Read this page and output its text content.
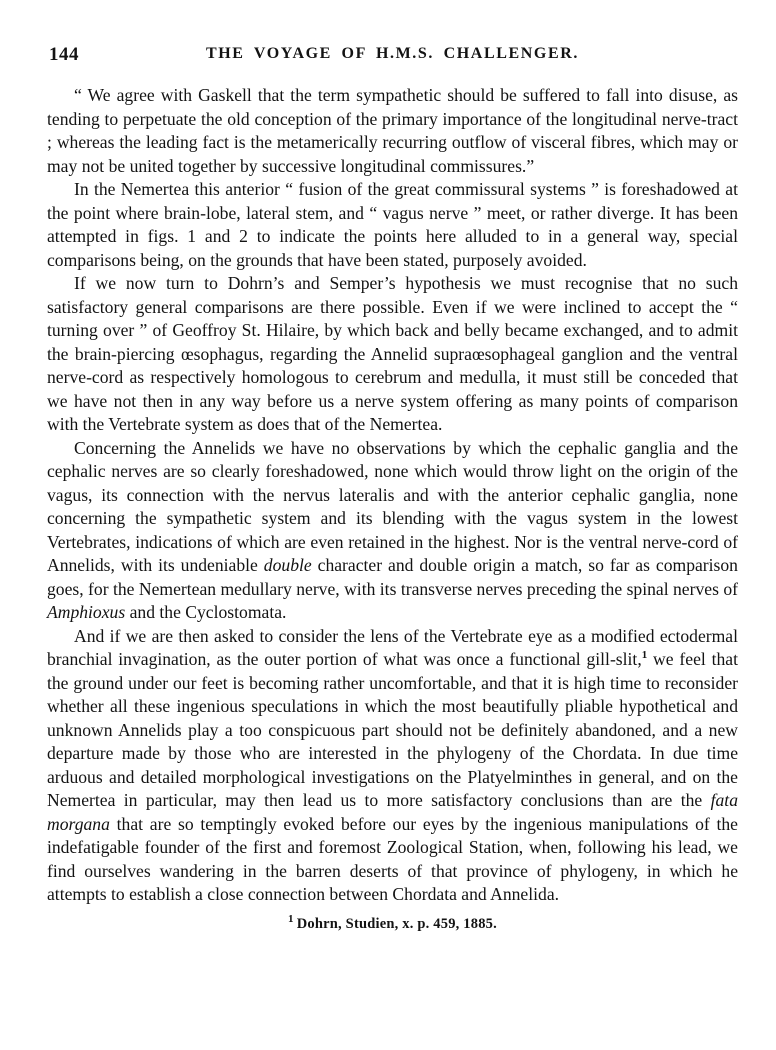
144	THE VOYAGE OF H.M.S. CHALLENGER.

“ We agree with Gaskell that the term sympathetic should be suffered to fall into disuse, as tending to perpetuate the old conception of the primary importance of the longitudinal nerve-tract ; whereas the leading fact is the metamerically recurring outflow of visceral fibres, which may or may not be united together by successive longitudinal commissures.”

In the Nemertea this anterior “ fusion of the great commissural systems ” is foreshadowed at the point where brain-lobe, lateral stem, and “ vagus nerve ” meet, or rather diverge. It has been attempted in figs. 1 and 2 to indicate the points here alluded to in a general way, special comparisons being, on the grounds that have been stated, purposely avoided.

If we now turn to Dohrn’s and Semper’s hypothesis we must recognise that no such satisfactory general comparisons are there possible. Even if we were inclined to accept the “ turning over ” of Geoffroy St. Hilaire, by which back and belly became exchanged, and to admit the brain-piercing œsophagus, regarding the Annelid supraœsophageal ganglion and the ventral nerve-cord as respectively homologous to cerebrum and medulla, it must still be conceded that we have not then in any way before us a nerve system offering as many points of comparison with the Vertebrate system as does that of the Nemertea.

Concerning the Annelids we have no observations by which the cephalic ganglia and the cephalic nerves are so clearly foreshadowed, none which would throw light on the origin of the vagus, its connection with the nervus lateralis and with the anterior cephalic ganglia, none concerning the sympathetic system and its blending with the vagus system in the lowest Vertebrates, indications of which are even retained in the highest. Nor is the ventral nerve-cord of Annelids, with its undeniable double character and double origin a match, so far as comparison goes, for the Nemertean medullary nerve, with its transverse nerves preceding the spinal nerves of Amphioxus and the Cyclostomata.

And if we are then asked to consider the lens of the Vertebrate eye as a modified ectodermal branchial invagination, as the outer portion of what was once a functional gill-slit,$^1$ we feel that the ground under our feet is becoming rather uncomfortable, and that it is high time to reconsider whether all these ingenious speculations in which the most beautifully pliable hypothetical and unknown Annelids play a too conspicuous part should not be definitely abandoned, and a new departure made by those who are interested in the phylogeny of the Chordata. In due time arduous and detailed morphological investigations on the Platyelminthes in general, and on the Nemertea in particular, may then lead us to more satisfactory conclusions than are the fata morgana that are so temptingly evoked before our eyes by the ingenious manipulations of the indefatigable founder of the first and foremost Zoological Station, when, following his lead, we find ourselves wandering in the barren deserts of that province of phylogeny, in which he attempts to establish a close connection between Chordata and Annelida.

$^1$ Dohrn, Studien, x. p. 459, 1885.
